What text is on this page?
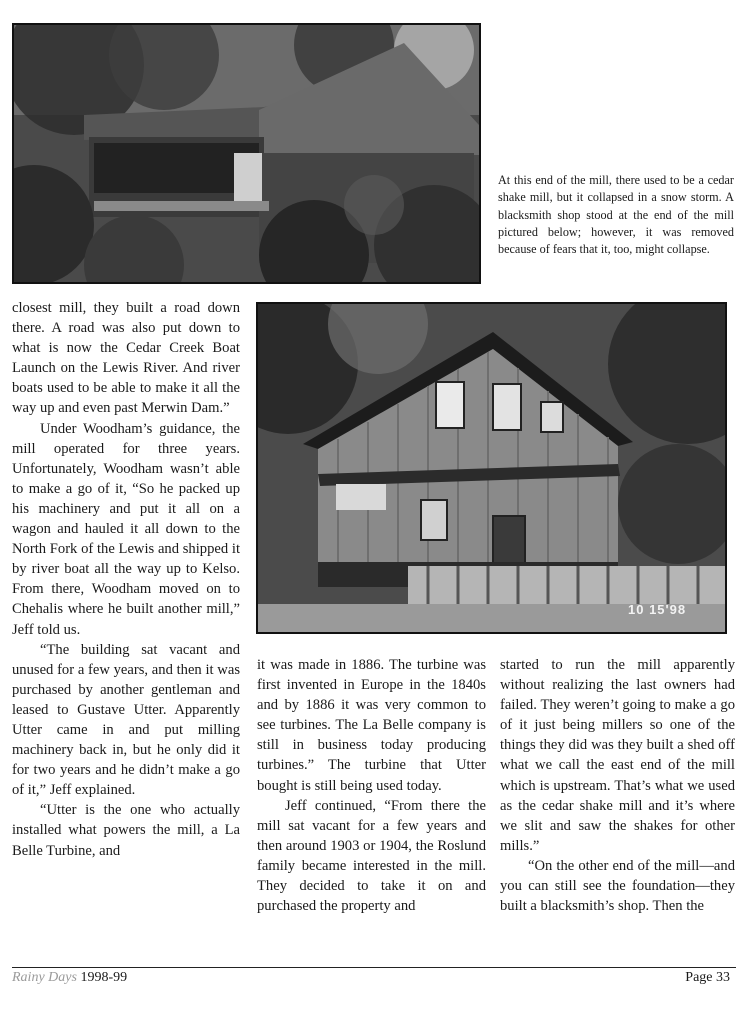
At this end of the mill, there used to be a cedar shake mill, but it collapsed in a snow storm. A blacksmith shop stood at the end of the mill pictured below; however, it was removed because of fears that it, too, might collapse.

10 15'98

closest mill, they built a road down there. A road was also put down to what is now the Cedar Creek Boat Launch on the Lewis River. And river boats used to be able to make it all the way up and even past Merwin Dam.”

Under Woodham’s guidance, the mill operated for three years. Unfortunately, Woodham wasn’t able to make a go of it, “So he packed up his machinery and put it all on a wagon and hauled it all down to the North Fork of the Lewis and shipped it by river boat all the way up to Kelso. From there, Woodham moved on to Chehalis where he built another mill,” Jeff told us.

“The building sat vacant and unused for a few years, and then it was purchased by another gentleman and leased to Gustave Utter. Apparently Utter came in and put milling machinery back in, but he only did it for two years and he didn’t make a go of it,” Jeff explained.

“Utter is the one who actually installed what powers the mill, a La Belle Turbine, and

it was made in 1886. The turbine was first invented in Europe in the 1840s and by 1886 it was very common to see turbines. The La Belle company is still in business today producing turbines.” The turbine that Utter bought is still being used today.

Jeff continued, “From there the mill sat vacant for a few years and then around 1903 or 1904, the Roslund family became interested in the mill. They decided to take it on and purchased the property and

started to run the mill apparently without realizing the last owners had failed. They weren’t going to make a go of it just being millers so one of the things they did was they built a shed off what we call the east end of the mill which is upstream. That’s what we used as the cedar shake mill and it’s where we slit and saw the shakes for other mills.”

“On the other end of the mill—and you can still see the foundation—they built a blacksmith’s shop. Then the

Rainy Days 1998-99	Page 33
